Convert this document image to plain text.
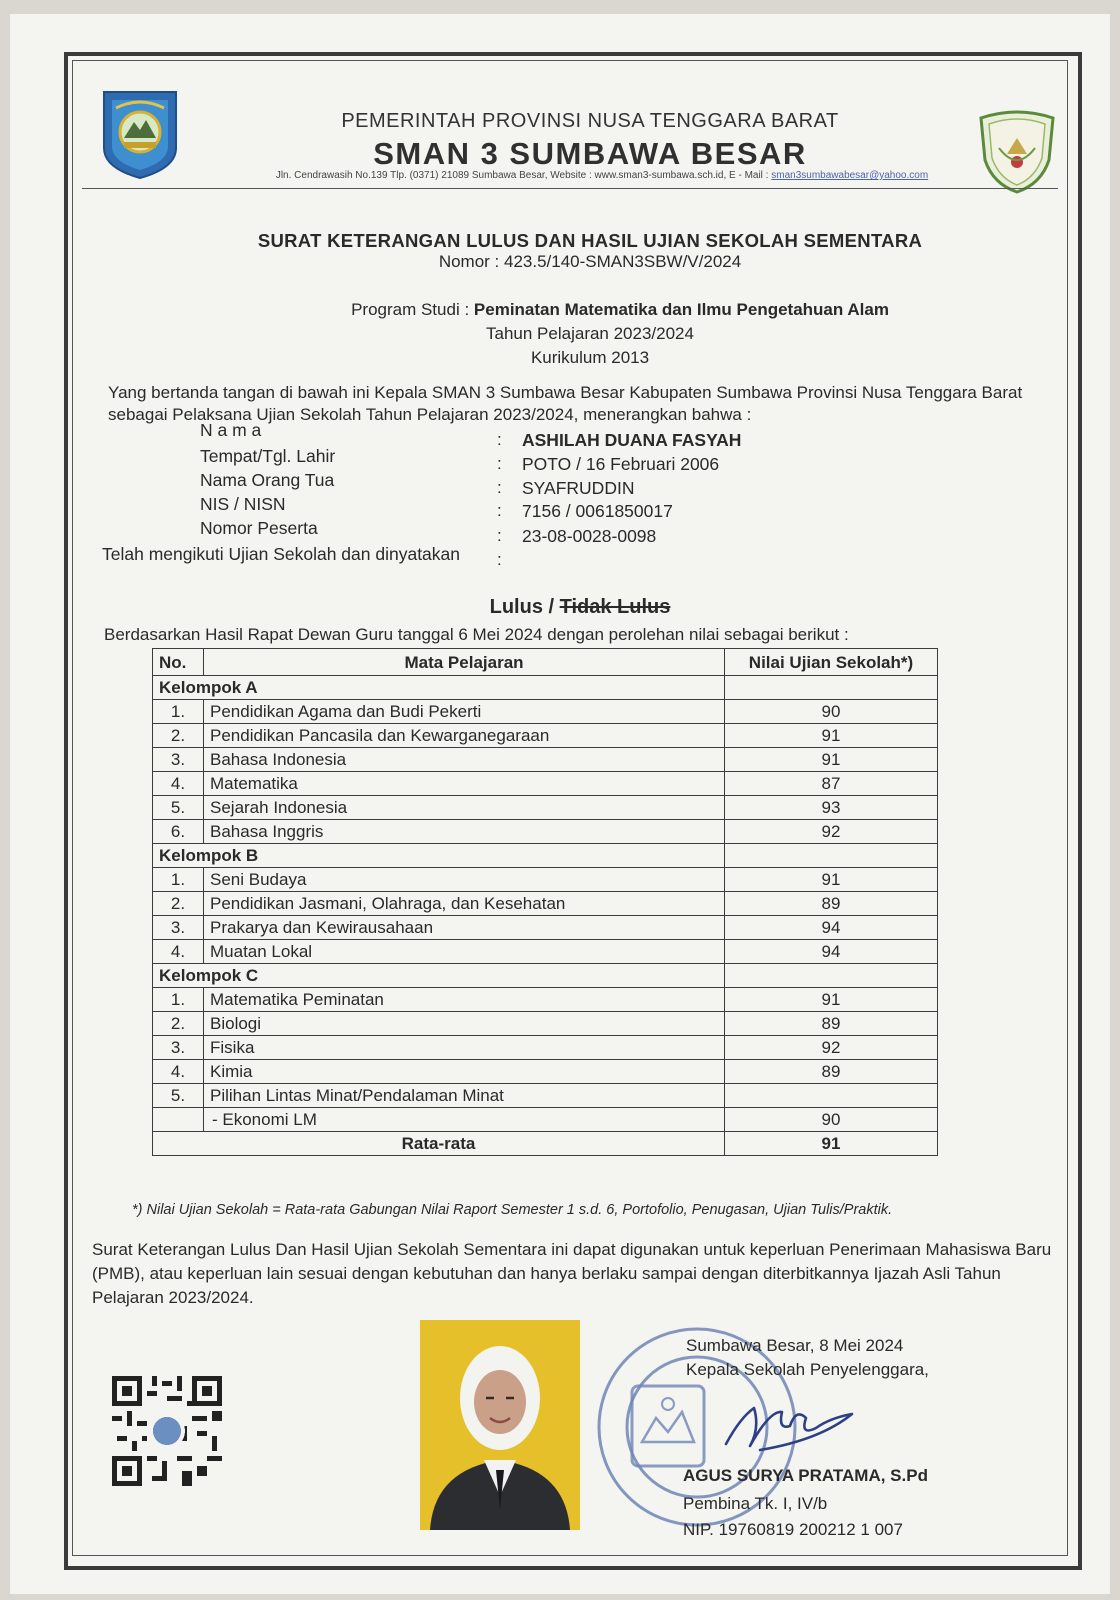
PEMERINTAH PROVINSI NUSA TENGGARA BARAT
SMAN 3 SUMBAWA BESAR
Jln. Cendrawasih No.139 Tlp. (0371) 21089 Sumbawa Besar, Website : www.sman3-sumbawa.sch.id, E - Mail : sman3sumbawabesar@yahoo.com
SURAT KETERANGAN LULUS DAN HASIL UJIAN SEKOLAH SEMENTARA
Nomor : 423.5/140-SMAN3SBW/V/2024
Program Studi : Peminatan Matematika dan Ilmu Pengetahuan Alam
Tahun Pelajaran 2023/2024
Kurikulum 2013
Yang bertanda tangan di bawah ini Kepala SMAN 3 Sumbawa Besar Kabupaten Sumbawa Provinsi Nusa Tenggara Barat sebagai Pelaksana Ujian Sekolah Tahun Pelajaran 2023/2024, menerangkan bahwa :
N a m a	: ASHILAH DUANA FASYAH
Tempat/Tgl. Lahir	: POTO / 16 Februari 2006
Nama Orang Tua	: SYAFRUDDIN
NIS / NISN	: 7156 / 0061850017
Nomor Peserta	: 23-08-0028-0098
Telah mengikuti Ujian Sekolah dan dinyatakan :
Lulus / Tidak Lulus
Berdasarkan Hasil Rapat Dewan Guru tanggal 6 Mei 2024 dengan perolehan nilai sebagai berikut :
No.	Mata Pelajaran	Nilai Ujian Sekolah*)
Kelompok A		
1.	Pendidikan Agama dan Budi Pekerti	90
2.	Pendidikan Pancasila dan Kewarganegaraan	91
3.	Bahasa Indonesia	91
4.	Matematika	87
5.	Sejarah Indonesia	93
6.	Bahasa Inggris	92
Kelompok B		
1.	Seni Budaya	91
2.	Pendidikan Jasmani, Olahraga, dan Kesehatan	89
3.	Prakarya dan Kewirausahaan	94
4.	Muatan Lokal	94
Kelompok C		
1.	Matematika Peminatan	91
2.	Biologi	89
3.	Fisika	92
4.	Kimia	89
5.	Pilihan Lintas Minat/Pendalaman Minat	
	- Ekonomi LM	90
Rata-rata		91
*) Nilai Ujian Sekolah = Rata-rata Gabungan Nilai Raport Semester 1 s.d. 6, Portofolio, Penugasan, Ujian Tulis/Praktik.
Surat Keterangan Lulus Dan Hasil Ujian Sekolah Sementara ini dapat digunakan untuk keperluan Penerimaan Mahasiswa Baru (PMB), atau keperluan lain sesuai dengan kebutuhan dan hanya berlaku sampai dengan diterbitkannya Ijazah Asli Tahun Pelajaran 2023/2024.
Sumbawa Besar, 8 Mei 2024
Kepala Sekolah Penyelenggara,
AGUS SURYA PRATAMA, S.Pd
Pembina Tk. I, IV/b
NIP. 19760819 200212 1 007
